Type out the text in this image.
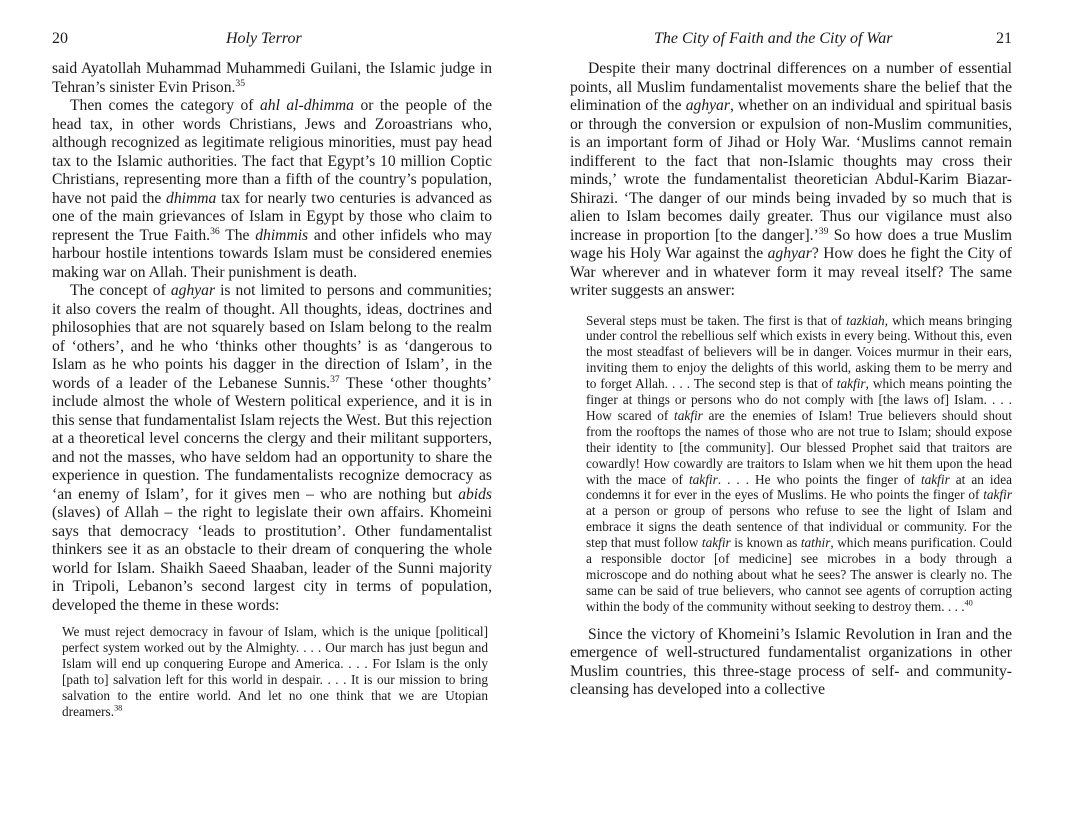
20	Holy Terror

said Ayatollah Muhammad Muhammedi Guilani, the Islamic judge in Tehran’s sinister Evin Prison.$^{35}$

Then comes the category of ahl al-dhimma or the people of the head tax, in other words Christians, Jews and Zoroastrians who, although recognized as legitimate religious minorities, must pay head tax to the Islamic authorities. The fact that Egypt’s 10 million Coptic Christians, representing more than a fifth of the country’s population, have not paid the dhimma tax for nearly two centuries is advanced as one of the main grievances of Islam in Egypt by those who claim to represent the True Faith.$^{36}$ The dhimmis and other infidels who may harbour hostile intentions towards Islam must be considered enemies making war on Allah. Their punishment is death.

The concept of aghyar is not limited to persons and communities; it also covers the realm of thought. All thoughts, ideas, doctrines and philosophies that are not squarely based on Islam belong to the realm of ‘others’, and he who ‘thinks other thoughts’ is as ‘dangerous to Islam as he who points his dagger in the direction of Islam’, in the words of a leader of the Lebanese Sunnis.$^{37}$ These ‘other thoughts’ include almost the whole of Western political experience, and it is in this sense that fundamentalist Islam rejects the West. But this rejection at a theoretical level concerns the clergy and their militant supporters, and not the masses, who have seldom had an opportunity to share the experience in question. The fundamentalists recognize democracy as ‘an enemy of Islam’, for it gives men – who are nothing but abids (slaves) of Allah – the right to legislate their own affairs. Khomeini says that democracy ‘leads to prostitution’. Other fundamentalist thinkers see it as an obstacle to their dream of conquering the whole world for Islam. Shaikh Saeed Shaaban, leader of the Sunni majority in Tripoli, Lebanon’s second largest city in terms of population, developed the theme in these words:

We must reject democracy in favour of Islam, which is the unique [political] perfect system worked out by the Almighty. . . . Our march has just begun and Islam will end up conquering Europe and America. . . . For Islam is the only [path to] salvation left for this world in despair. . . . It is our mission to bring salvation to the entire world. And let no one think that we are Utopian dreamers.$^{38}$
The City of Faith and the City of War	21

Despite their many doctrinal differences on a number of essential points, all Muslim fundamentalist movements share the belief that the elimination of the aghyar, whether on an individual and spiritual basis or through the conversion or expulsion of non-Muslim communities, is an important form of Jihad or Holy War. ‘Muslims cannot remain indifferent to the fact that non-Islamic thoughts may cross their minds,’ wrote the fundamentalist theoretician Abdul-Karim Biazar-Shirazi. ‘The danger of our minds being invaded by so much that is alien to Islam becomes daily greater. Thus our vigilance must also increase in proportion [to the danger].’$^{39}$ So how does a true Muslim wage his Holy War against the aghyar? How does he fight the City of War wherever and in whatever form it may reveal itself? The same writer suggests an answer:

Several steps must be taken. The first is that of tazkiah, which means bringing under control the rebellious self which exists in every being. Without this, even the most steadfast of believers will be in danger. Voices murmur in their ears, inviting them to enjoy the delights of this world, asking them to be merry and to forget Allah. . . . The second step is that of takfir, which means pointing the finger at things or persons who do not comply with [the laws of] Islam. . . . How scared of takfir are the enemies of Islam! True believers should shout from the rooftops the names of those who are not true to Islam; should expose their identity to [the community]. Our blessed Prophet said that traitors are cowardly! How cowardly are traitors to Islam when we hit them upon the head with the mace of takfir. . . . He who points the finger of takfir at an idea condemns it for ever in the eyes of Muslims. He who points the finger of takfir at a person or group of persons who refuse to see the light of Islam and embrace it signs the death sentence of that individual or community. For the step that must follow takfir is known as tathir, which means purification. Could a responsible doctor [of medicine] see microbes in a body through a microscope and do nothing about what he sees? The answer is clearly no. The same can be said of true believers, who cannot see agents of corruption acting within the body of the community without seeking to destroy them. . . .$^{40}$

Since the victory of Khomeini’s Islamic Revolution in Iran and the emergence of well-structured fundamentalist organizations in other Muslim countries, this three-stage process of self- and community-cleansing has developed into a collective
